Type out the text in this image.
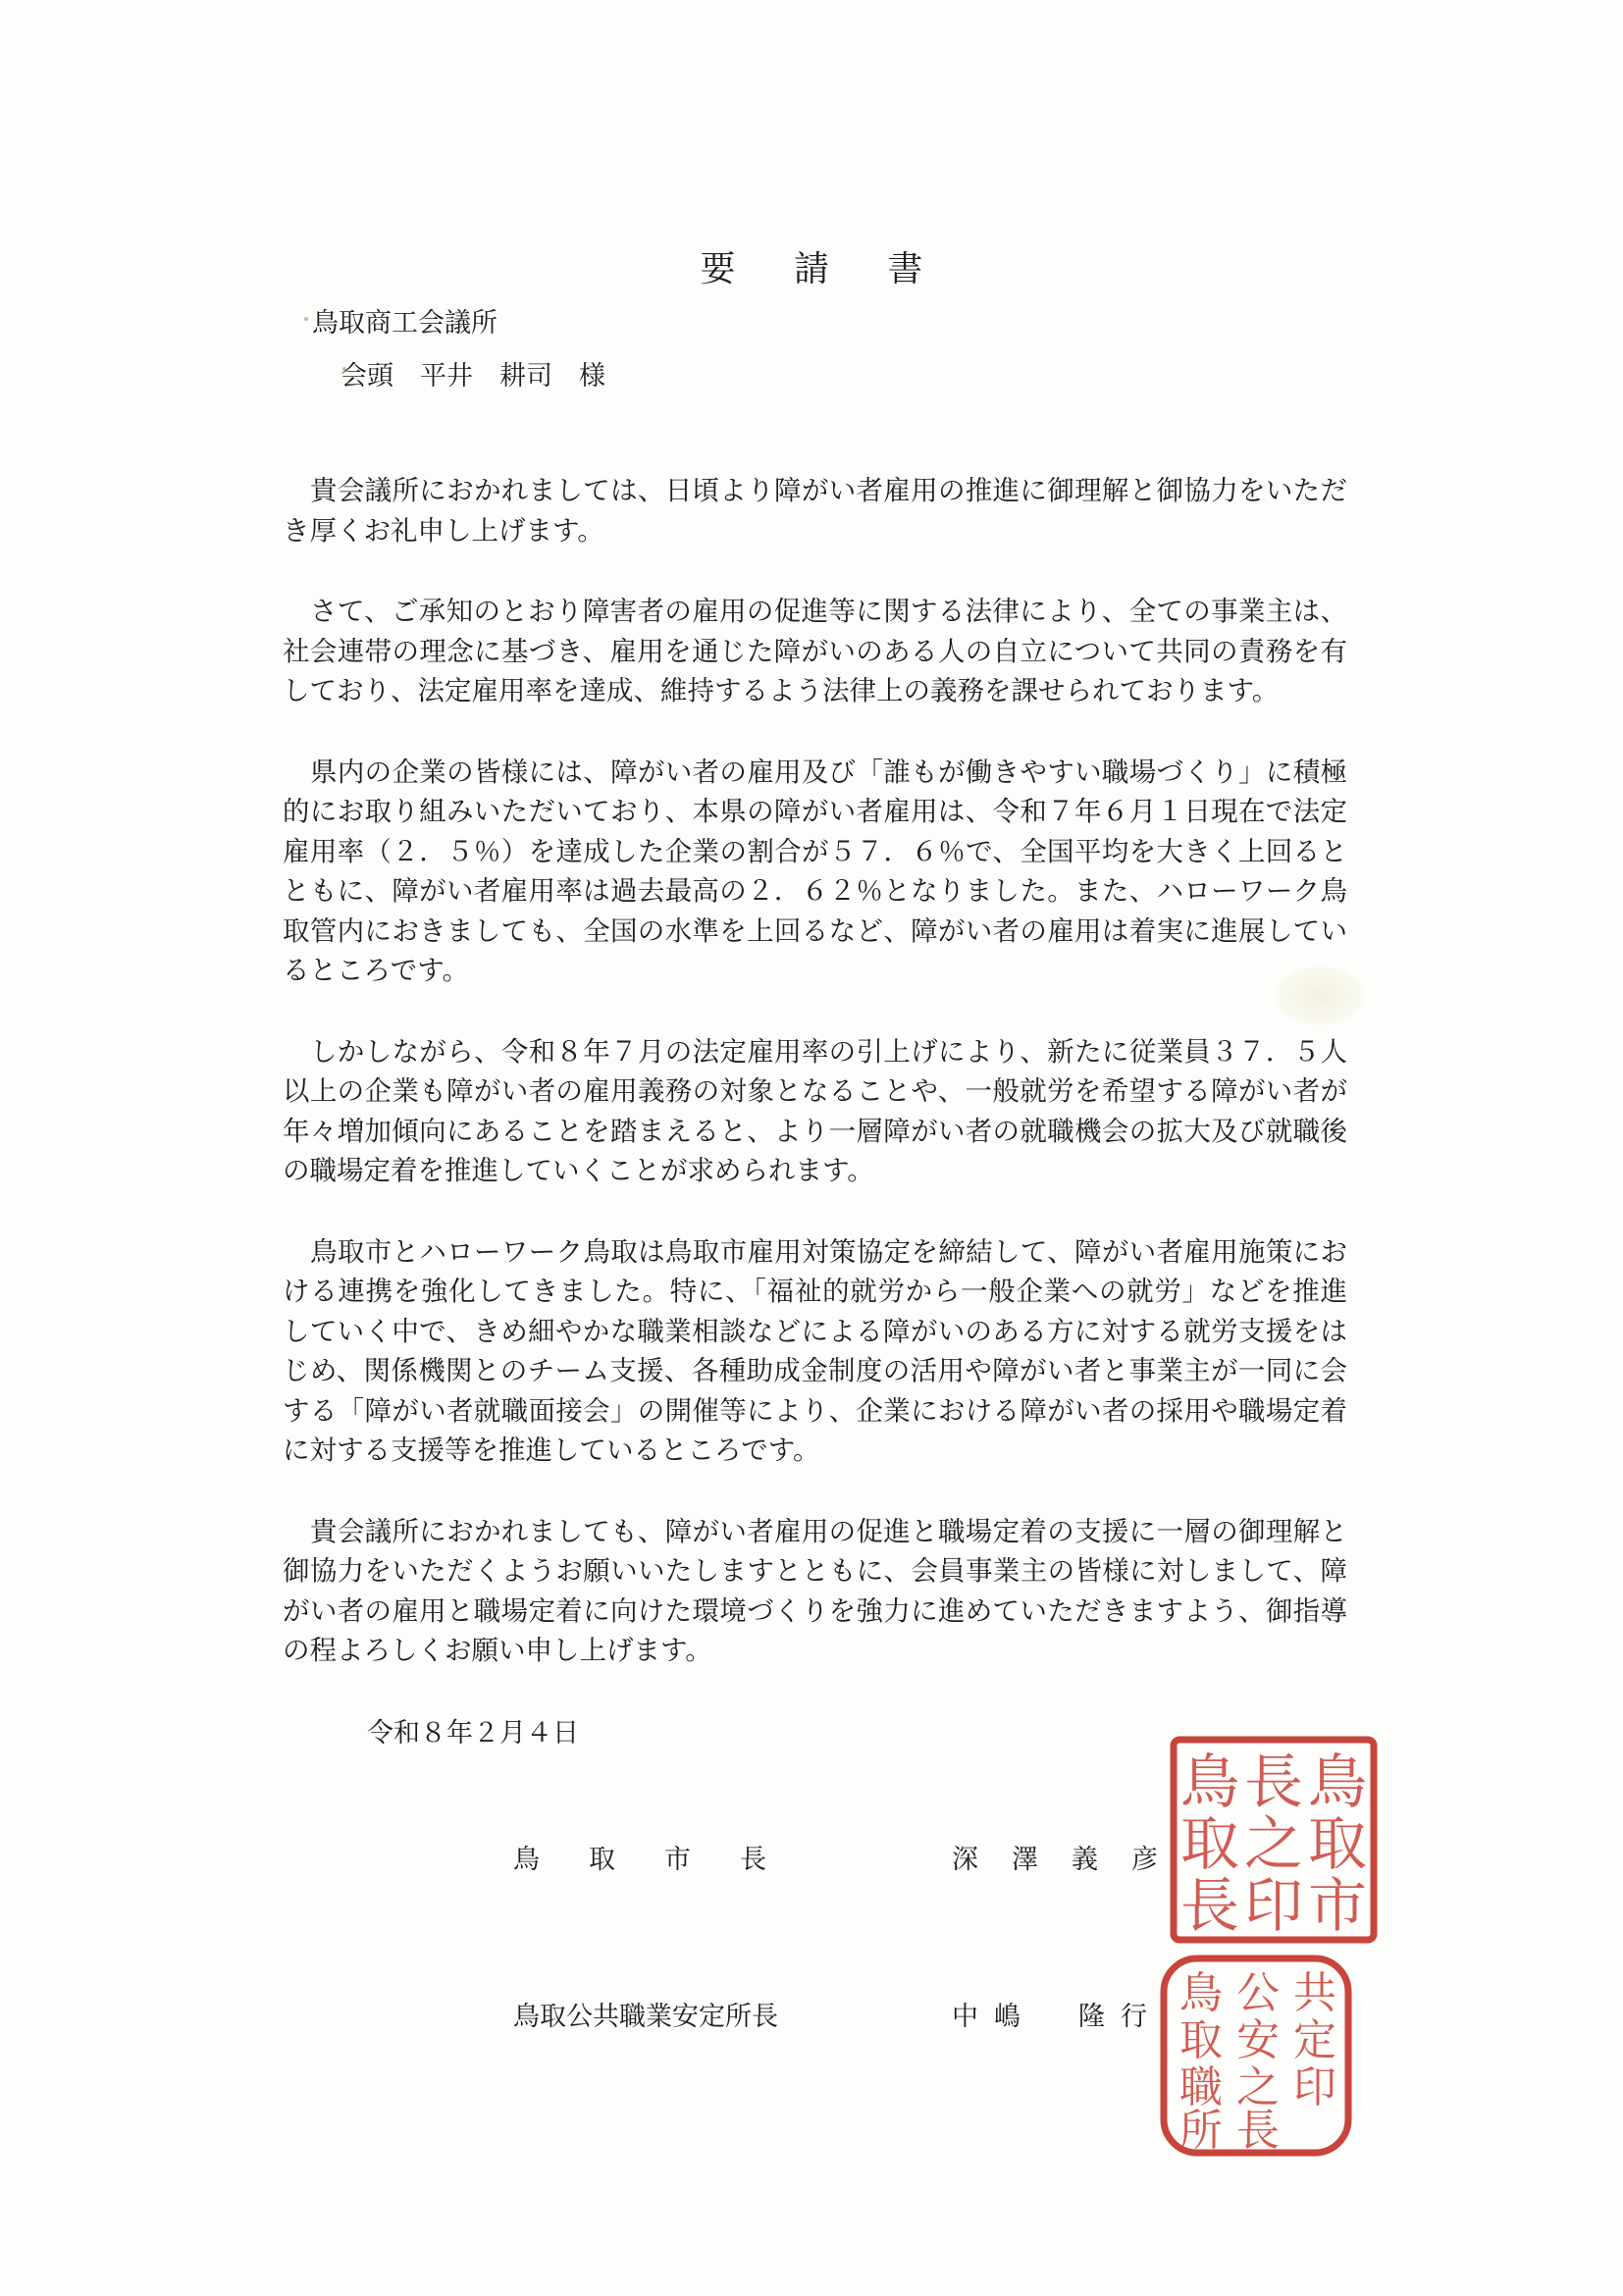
要 請 書
鳥取商工会議所
会頭　平井　耕司　様

貴会議所におかれましては、日頃より障がい者雇用の推進に御理解と御協力をいただき厚くお礼申し上げます。

さて、ご承知のとおり障害者の雇用の促進等に関する法律により、全ての事業主は、社会連帯の理念に基づき、雇用を通じた障がいのある人の自立について共同の責務を有しており、法定雇用率を達成、維持するよう法律上の義務を課せられております。

県内の企業の皆様には、障がい者の雇用及び「誰もが働きやすい職場づくり」に積極的にお取り組みいただいており、本県の障がい者雇用は、令和７年６月１日現在で法定雇用率（２．５％）を達成した企業の割合が５７．６％で、全国平均を大きく上回るとともに、障がい者雇用率は過去最高の２．６２％となりました。また、ハローワーク鳥取管内におきましても、全国の水準を上回るなど、障がい者の雇用は着実に進展しているところです。

しかしながら、令和８年７月の法定雇用率の引上げにより、新たに従業員３７．５人以上の企業も障がい者の雇用義務の対象となることや、一般就労を希望する障がい者が年々増加傾向にあることを踏まえると、より一層障がい者の就職機会の拡大及び就職後の職場定着を推進していくことが求められます。

鳥取市とハローワーク鳥取は鳥取市雇用対策協定を締結して、障がい者雇用施策における連携を強化してきました。特に、「福祉的就労から一般企業への就労」などを推進していく中で、きめ細やかな職業相談などによる障がいのある方に対する就労支援をはじめ、関係機関とのチーム支援、各種助成金制度の活用や障がい者と事業主が一同に会する「障がい者就職面接会」の開催等により、企業における障がい者の採用や職場定着に対する支援等を推進しているところです。

貴会議所におかれましても、障がい者雇用の促進と職場定着の支援に一層の御理解と御協力をいただくようお願いいたしますとともに、会員事業主の皆様に対しまして、障がい者の雇用と職場定着に向けた環境づくりを強力に進めていただきますよう、御指導の程よろしくお願い申し上げます。

令和８年２月４日
鳥取市長	深澤義彦
鳥取公共職業安定所長	中嶋　隆行
鳥
取
市
長
之
印
鳥
取
長
共
定
印
公
安
之
長
鳥
取
職
所
